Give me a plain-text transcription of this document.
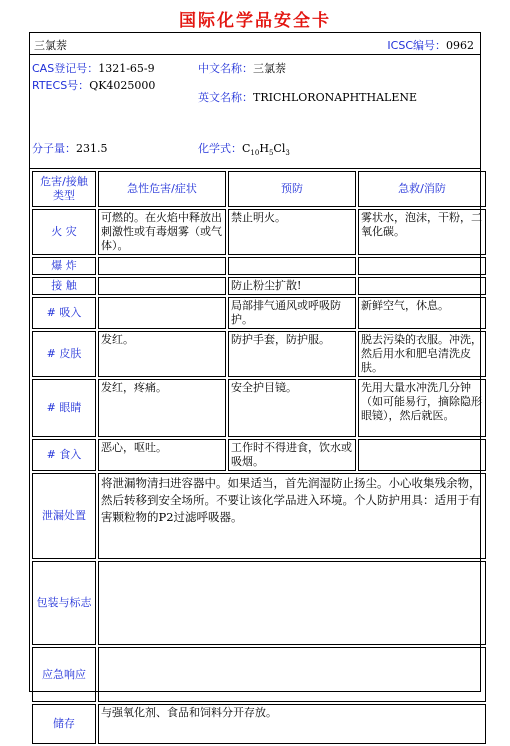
国际化学品安全卡
三氯萘	ICSC编号：0962
CAS登记号：1321-65-9
RTECS号：QK4025000
中文名称：三氯萘
英文名称：TRICHLORONAPHTHALENE
分子量：231.5	化学式：$C_{10}H_5Cl_3$
危害/接触类型	急性危害/症状	预防	急救/消防
火 灾	可燃的。在火焰中释放出刺激性或有毒烟雾（或气体）。	禁止明火。	雾状水，泡沫，干粉，二氧化碳。
爆 炸			
接 触		防止粉尘扩散!	
# 吸入		局部排气通风或呼吸防护。	新鲜空气，休息。
# 皮肤	发红。	防护手套，防护服。	脱去污染的衣服。冲洗，然后用水和肥皂清洗皮肤。
# 眼睛	发红，疼痛。	安全护目镜。	先用大量水冲洗几分钟（如可能易行，摘除隐形眼镜），然后就医。
# 食入	恶心，呕吐。	工作时不得进食，饮水或吸烟。	
泄漏处置	将泄漏物清扫进容器中。如果适当，首先润湿防止扬尘。小心收集残余物，然后转移到安全场所。不要让该化学品进入环境。个人防护用具：适用于有害颗粒物的P2过滤呼吸器。		
包装与标志			
应急响应			
储存	与强氧化剂、食品和饲料分开存放。		
